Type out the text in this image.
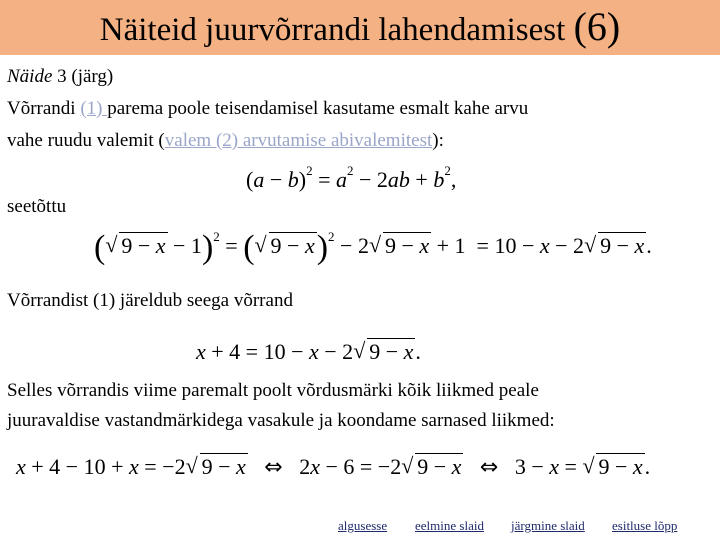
Näiteid juurvõrrandi lahendamisest (6)
Näide 3 (järg)
Võrrandi (1) parema poole teisendamisel kasutame esmalt kahe arvu
vahe ruudu valemit (valem (2) arvutamise abivalemitest):
$(a - b)^2 = a^2 - 2ab + b^2$,
seetõttu
( √ 9 − x − 1)$^2$ = ( √ 9 − x)$^2$ − 2 √ 9 − x + 1  = 10 − x − 2 √ 9 − x.
Võrrandist (1) järeldub seega võrrand
x + 4 = 10 − x − 2 √ 9 − x.
Selles võrrandis viime paremalt poolt võrdusmärki kõik liikmed peale
juuravaldise vastandmärkidega vasakule ja koondame sarnased liikmed:
x + 4 − 10 + x = −2 √ 9 − x ⇔   2x − 6 = −2 √ 9 − x ⇔   3 − x = √ 9 − x.
algusesse eelmine slaid järgmine slaid esitluse lõpp
